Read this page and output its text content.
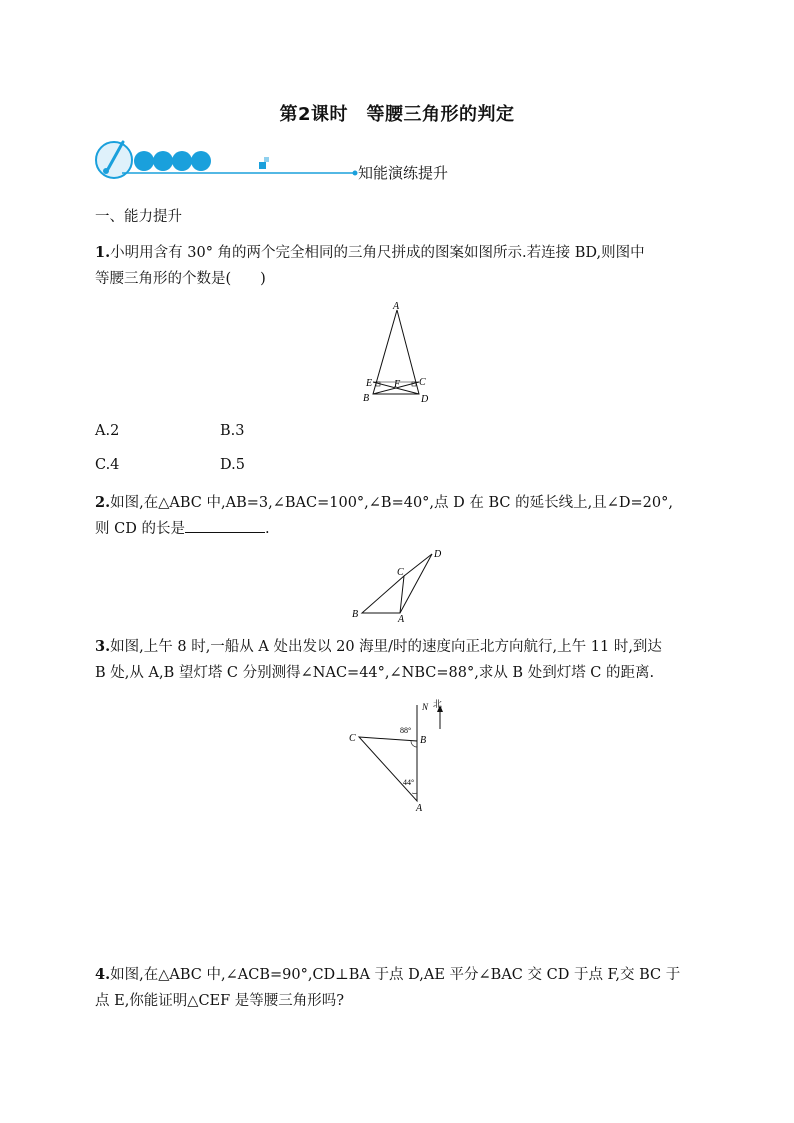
第2课时　等腰三角形的判定
知能演练提升
一、能力提升
1.小明用含有 30° 角的两个完全相同的三角尺拼成的图案如图所示.若连接 BD,则图中
等腰三角形的个数是(　　)
A
B
C
D
E F
A.2	B.3
C.4	D.5
2.如图,在△ABC 中,AB=3,∠BAC=100°,∠B=40°,点 D 在 BC 的延长线上,且∠D=20°,
则 CD 的长是	.
D
C
B	A
3.如图,上午 8 时,一船从 A 处出发以 20 海里/时的速度向正北方向航行,上午 11 时,到达
B 处,从 A,B 望灯塔 C 分别测得∠NAC=44°,∠NBC=88°,求从 B 处到灯塔 C 的距离.
N 北
88°
B
C
44°
A
4.如图,在△ABC 中,∠ACB=90°,CD⊥BA 于点 D,AE 平分∠BAC 交 CD 于点 F,交 BC 于
点 E,你能证明△CEF 是等腰三角形吗?
